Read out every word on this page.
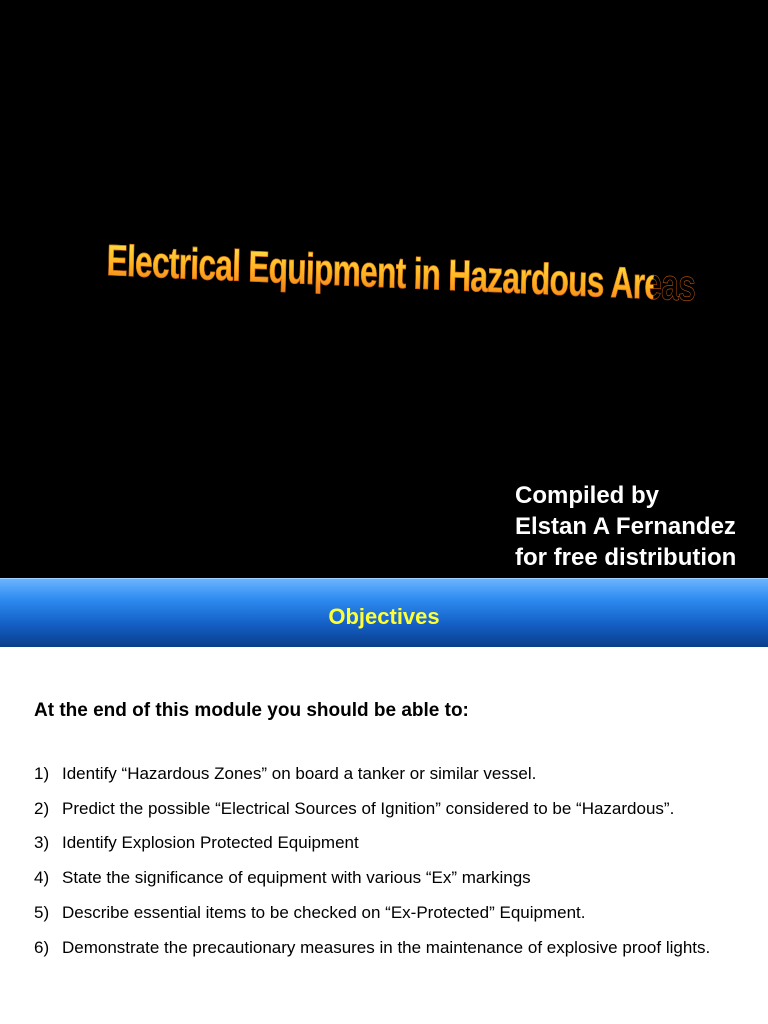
Electrical Equipment in Hazardous Areas
Compiled by
Elstan A Fernandez
for free distribution
Objectives
At the end of this module you should be able to:
1) Identify “Hazardous Zones” on board a tanker or similar vessel.
2) Predict the possible “Electrical Sources of Ignition” considered to be “Hazardous”.
3) Identify Explosion Protected Equipment
4) State the significance of equipment with various “Ex” markings
5) Describe essential items to be checked on “Ex-Protected” Equipment.
6) Demonstrate the precautionary measures in the maintenance of explosive proof lights.
